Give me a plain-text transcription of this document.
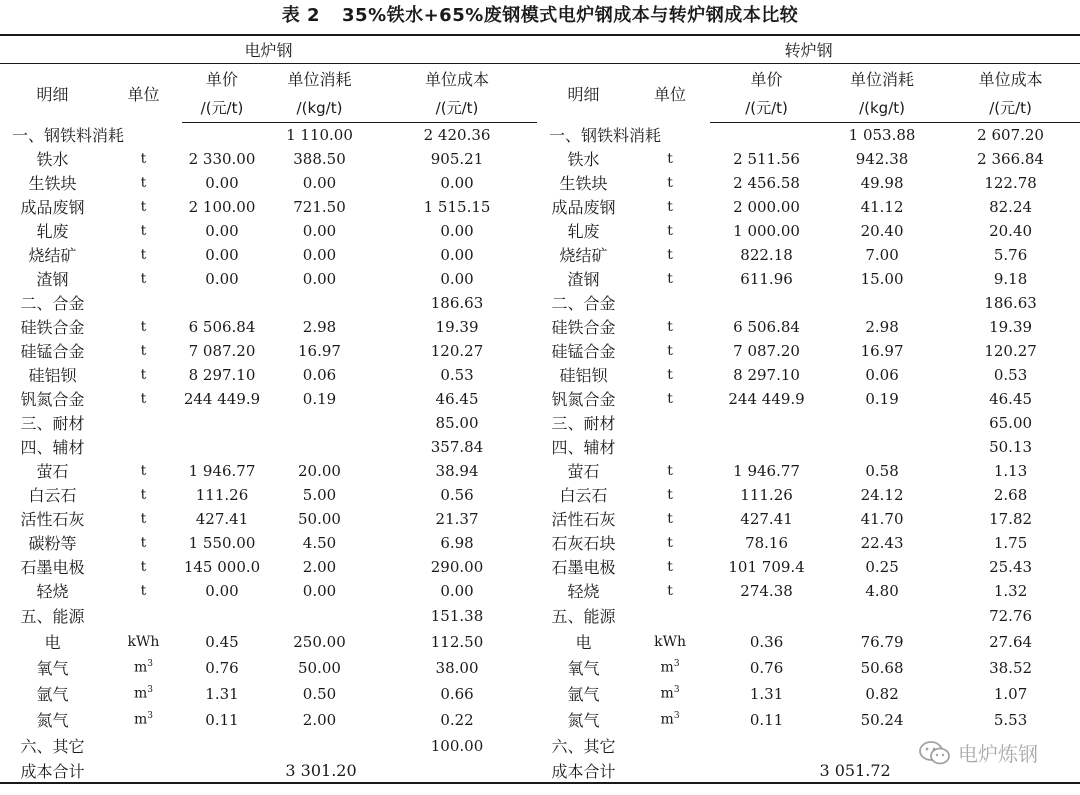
表 2 35%铁水+65%废钢模式电炉钢成本与转炉钢成本比较
电炉钢					转炉钢				
明细	单位	单价	单位消耗	单位成本	明细	单位	单价	单位消耗	单位成本
		/(元/t)	/(kg/t)	/(元/t)			/(元/t)	/(kg/t)	/(元/t)
一、钢铁料消耗			1 110.00	2 420.36	一、钢铁料消耗			1 053.88	2 607.20
铁水	t	2 330.00	388.50	905.21	铁水	t	2 511.56	942.38	2 366.84
生铁块	t	0.00	0.00	0.00	生铁块	t	2 456.58	49.98	122.78
成品废钢	t	2 100.00	721.50	1 515.15	成品废钢	t	2 000.00	41.12	82.24
轧废	t	0.00	0.00	0.00	轧废	t	1 000.00	20.40	20.40
烧结矿	t	0.00	0.00	0.00	烧结矿	t	822.18	7.00	5.76
渣钢	t	0.00	0.00	0.00	渣钢	t	611.96	15.00	9.18
二、合金				186.63	二、合金				186.63
硅铁合金	t	6 506.84	2.98	19.39	硅铁合金	t	6 506.84	2.98	19.39
硅锰合金	t	7 087.20	16.97	120.27	硅锰合金	t	7 087.20	16.97	120.27
硅铝钡	t	8 297.10	0.06	0.53	硅铝钡	t	8 297.10	0.06	0.53
钒氮合金	t	244 449.9	0.19	46.45	钒氮合金	t	244 449.9	0.19	46.45
三、耐材				85.00	三、耐材				65.00
四、辅材				357.84	四、辅材				50.13
萤石	t	1 946.77	20.00	38.94	萤石	t	1 946.77	0.58	1.13
白云石	t	111.26	5.00	0.56	白云石	t	111.26	24.12	2.68
活性石灰	t	427.41	50.00	21.37	活性石灰	t	427.41	41.70	17.82
碳粉等	t	1 550.00	4.50	6.98	石灰石块	t	78.16	22.43	1.75
石墨电极	t	145 000.0	2.00	290.00	石墨电极	t	101 709.4	0.25	25.43
轻烧	t	0.00	0.00	0.00	轻烧	t	274.38	4.80	1.32
五、能源				151.38	五、能源				72.76
电	kWh	0.45	250.00	112.50	电	kWh	0.36	76.79	27.64
氧气	$m^3$	0.76	50.00	38.00	氧气	$m^3$	0.76	50.68	38.52
氩气	$m^3$	1.31	0.50	0.66	氩气	$m^3$	1.31	0.82	1.07
氮气	$m^3$	0.11	2.00	0.22	氮气	$m^3$	0.11	50.24	5.53
六、其它				100.00	六、其它				
成本合计	3 301.20				成本合计	3 051.72			
电炉炼钢
